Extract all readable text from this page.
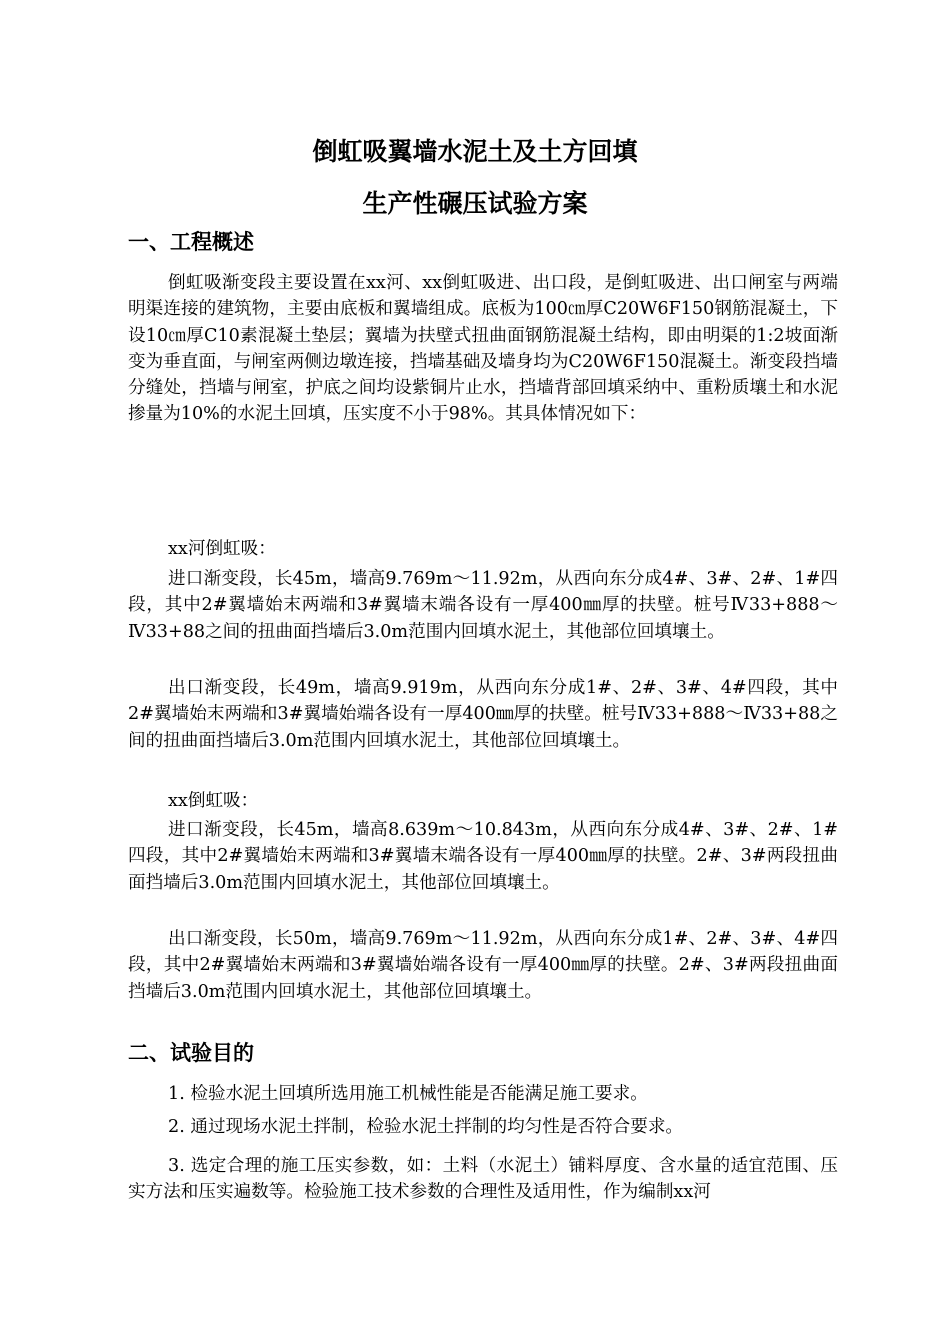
倒虹吸翼墙水泥土及土方回填
生产性碾压试验方案
一、工程概述
倒虹吸渐变段主要设置在xx河、xx倒虹吸进、出口段，是倒虹吸进、出口闸室与两端明渠连接的建筑物，主要由底板和翼墙组成。底板为100㎝厚C20W6F150钢筋混凝土，下设10㎝厚C10素混凝土垫层；翼墙为扶壁式扭曲面钢筋混凝土结构，即由明渠的1:2坡面渐变为垂直面，与闸室两侧边墩连接，挡墙基础及墙身均为C20W6F150混凝土。渐变段挡墙分缝处，挡墙与闸室，护底之间均设紫铜片止水，挡墙背部回填采纳中、重粉质壤土和水泥掺量为10%的水泥土回填，压实度不小于98%。其具体情况如下：
xx河倒虹吸：
进口渐变段，长45m，墙高9.769m～11.92m，从西向东分成4#、3#、2#、1#四段，其中2#翼墙始末两端和3#翼墙末端各设有一厚400㎜厚的扶壁。桩号Ⅳ33+888～Ⅳ33+88之间的扭曲面挡墙后3.0m范围内回填水泥土，其他部位回填壤土。
出口渐变段，长49m，墙高9.919m，从西向东分成1#、2#、3#、4#四段，其中2#翼墙始末两端和3#翼墙始端各设有一厚400㎜厚的扶壁。桩号Ⅳ33+888～Ⅳ33+88之间的扭曲面挡墙后3.0m范围内回填水泥土，其他部位回填壤土。
xx倒虹吸：
进口渐变段，长45m，墙高8.639m～10.843m，从西向东分成4#、3#、2#、1#四段，其中2#翼墙始末两端和3#翼墙末端各设有一厚400㎜厚的扶壁。2#、3#两段扭曲面挡墙后3.0m范围内回填水泥土，其他部位回填壤土。
出口渐变段，长50m，墙高9.769m～11.92m，从西向东分成1#、2#、3#、4#四段，其中2#翼墙始末两端和3#翼墙始端各设有一厚400㎜厚的扶壁。2#、3#两段扭曲面挡墙后3.0m范围内回填水泥土，其他部位回填壤土。
二、试验目的
1. 检验水泥土回填所选用施工机械性能是否能满足施工要求。
2. 通过现场水泥土拌制，检验水泥土拌制的均匀性是否符合要求。
3. 选定合理的施工压实参数，如：土料（水泥土）铺料厚度、含水量的适宜范围、压实方法和压实遍数等。检验施工技术参数的合理性及适用性，作为编制xx河
